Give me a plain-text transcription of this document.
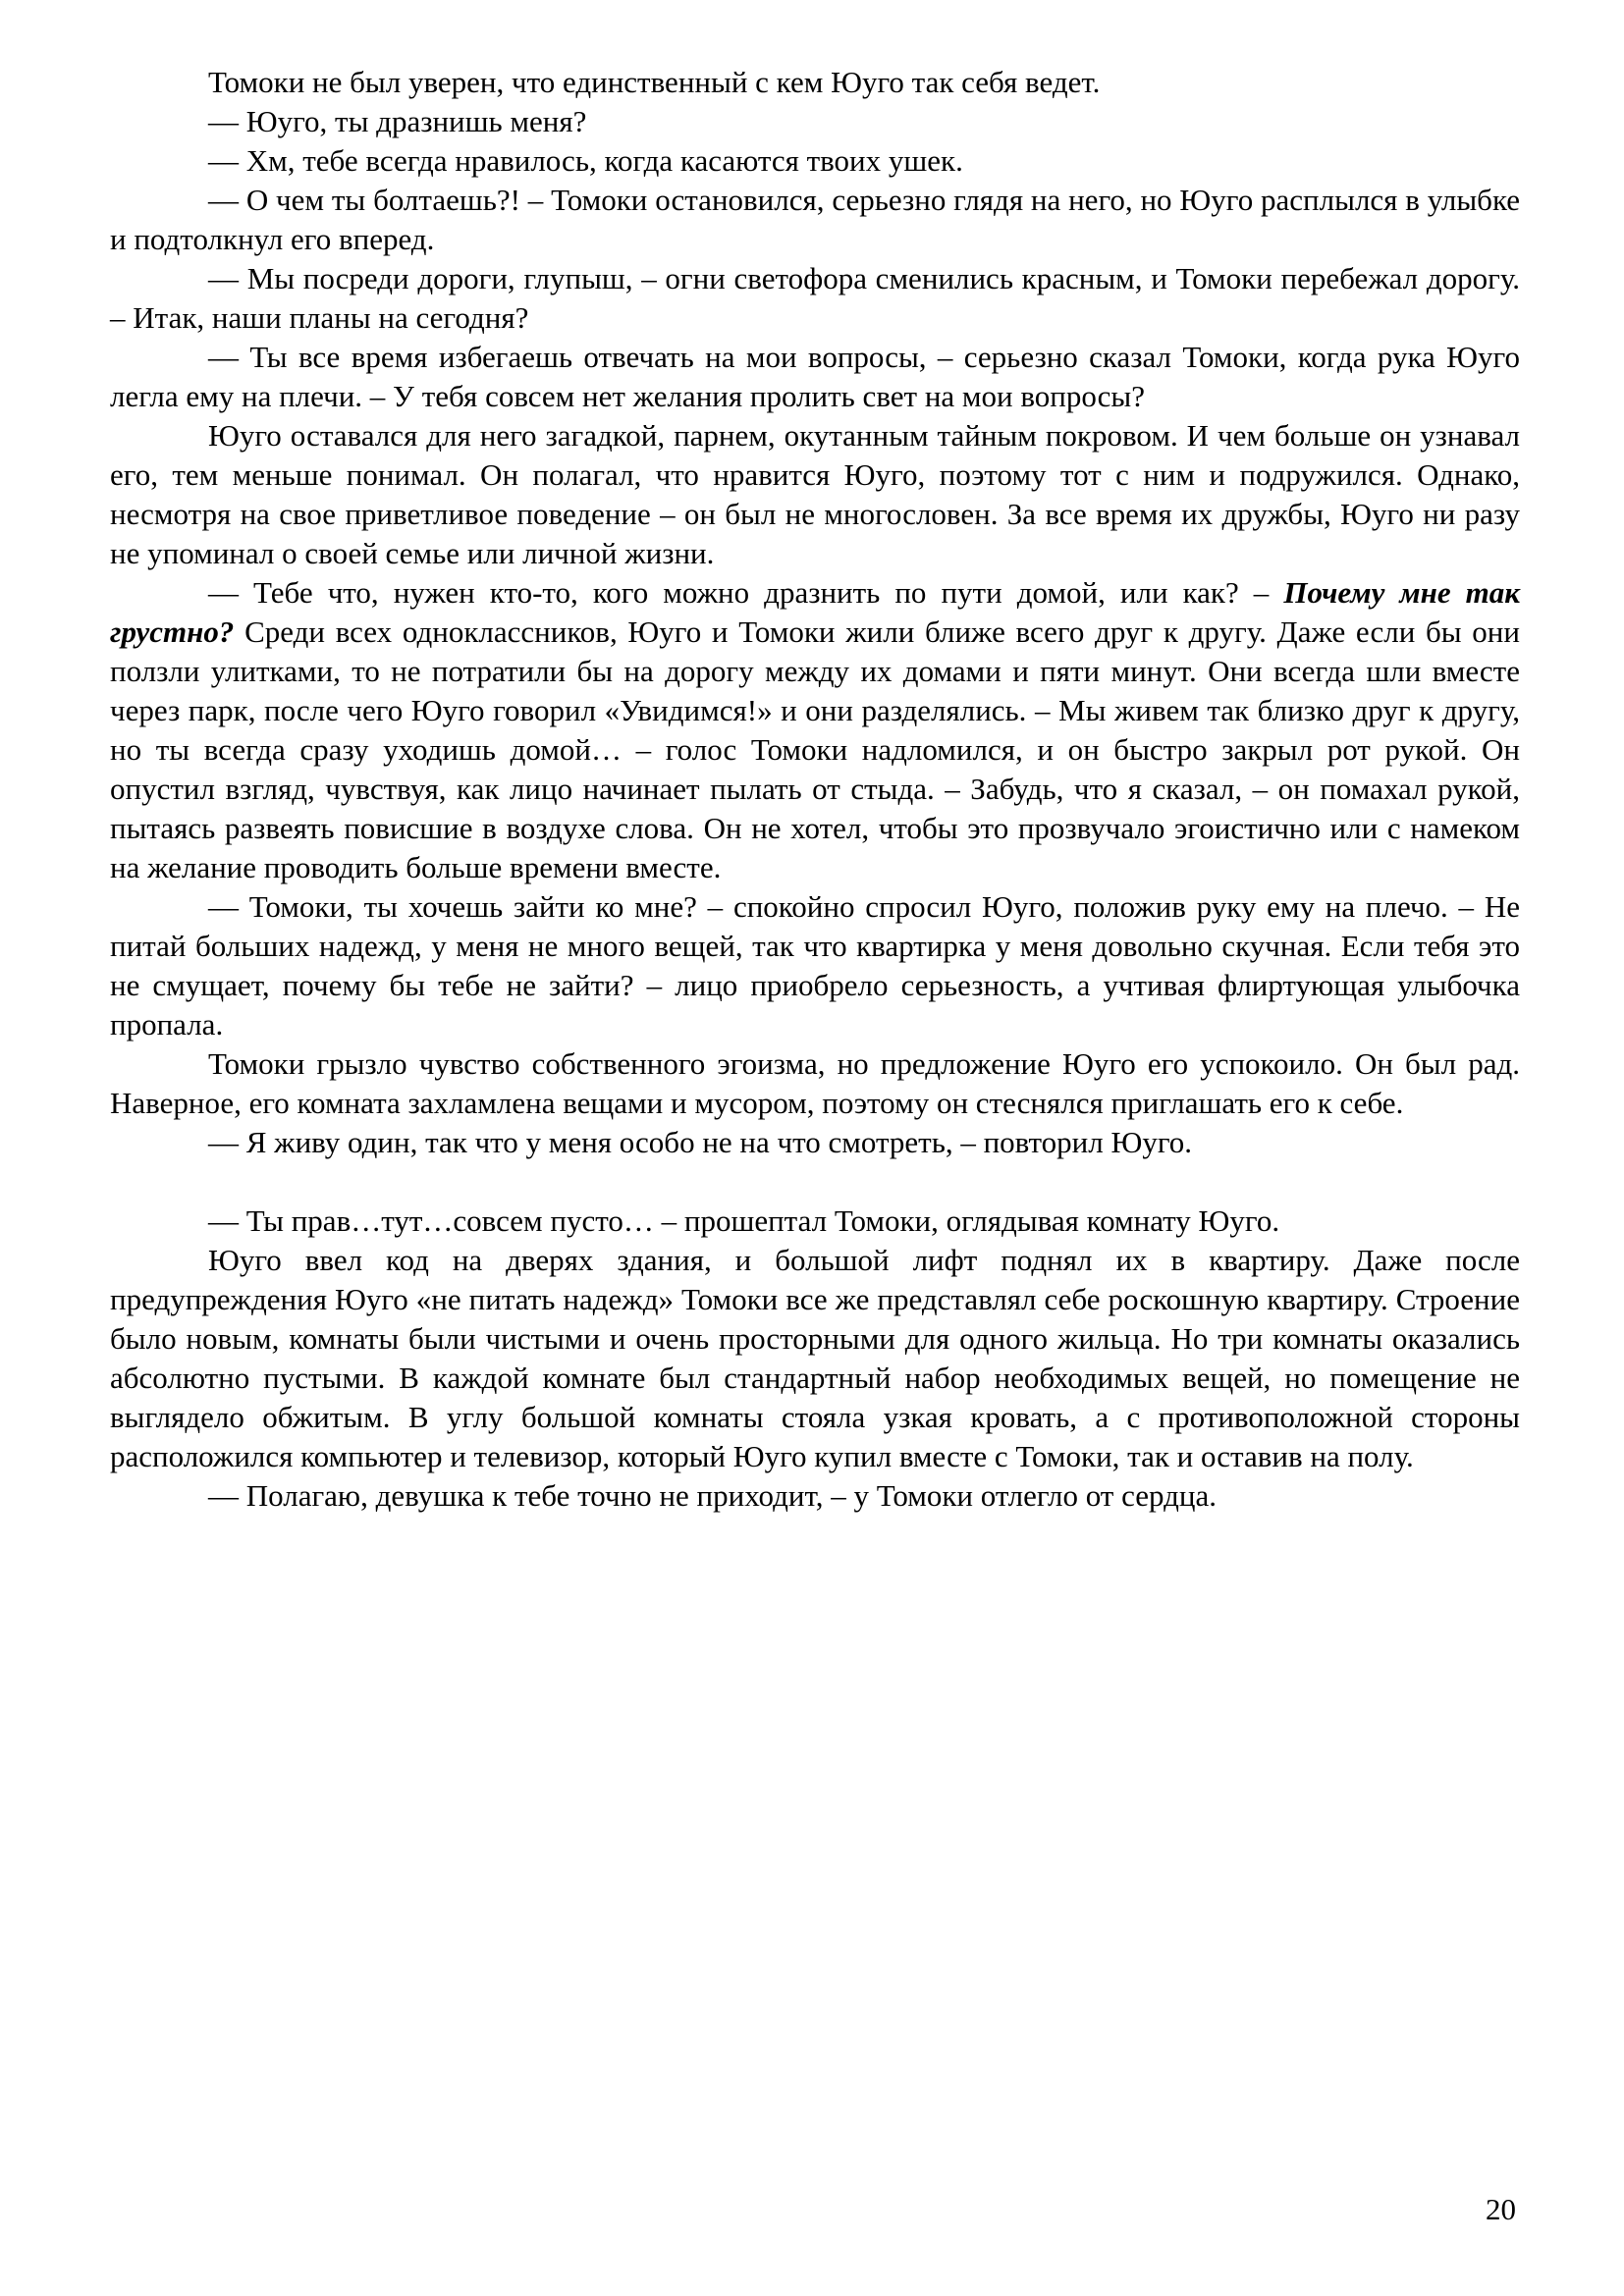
Томоки не был уверен, что единственный с кем Юуго так себя ведет.

— Юуго, ты дразнишь меня?

— Хм, тебе всегда нравилось, когда касаются твоих ушек.

— О чем ты болтаешь?! – Томоки остановился, серьезно глядя на него, но Юуго расплылся в улыбке и подтолкнул его вперед.

— Мы посреди дороги, глупыш, – огни светофора сменились красным, и Томоки перебежал дорогу. – Итак, наши планы на сегодня?

— Ты все время избегаешь отвечать на мои вопросы, – серьезно сказал Томоки, когда рука Юуго легла ему на плечи. – У тебя совсем нет желания пролить свет на мои вопросы?

Юуго оставался для него загадкой, парнем, окутанным тайным покровом. И чем больше он узнавал его, тем меньше понимал. Он полагал, что нравится Юуго, поэтому тот с ним и подружился. Однако, несмотря на свое приветливое поведение – он был не многословен. За все время их дружбы, Юуго ни разу не упоминал о своей семье или личной жизни.

— Тебе что, нужен кто-то, кого можно дразнить по пути домой, или как? – Почему мне так грустно? Среди всех одноклассников, Юуго и Томоки жили ближе всего друг к другу. Даже если бы они ползли улитками, то не потратили бы на дорогу между их домами и пяти минут. Они всегда шли вместе через парк, после чего Юуго говорил «Увидимся!» и они разделялись. – Мы живем так близко друг к другу, но ты всегда сразу уходишь домой… – голос Томоки надломился, и он быстро закрыл рот рукой. Он опустил взгляд, чувствуя, как лицо начинает пылать от стыда. – Забудь, что я сказал, – он помахал рукой, пытаясь развеять повисшие в воздухе слова. Он не хотел, чтобы это прозвучало эгоистично или с намеком на желание проводить больше времени вместе.

— Томоки, ты хочешь зайти ко мне? – спокойно спросил Юуго, положив руку ему на плечо. – Не питай больших надежд, у меня не много вещей, так что квартирка у меня довольно скучная. Если тебя это не смущает, почему бы тебе не зайти? – лицо приобрело серьезность, а учтивая флиртующая улыбочка пропала.

Томоки грызло чувство собственного эгоизма, но предложение Юуго его успокоило. Он был рад. Наверное, его комната захламлена вещами и мусором, поэтому он стеснялся приглашать его к себе.

— Я живу один, так что у меня особо не на что смотреть, – повторил Юуго.

— Ты прав…тут…совсем пусто… – прошептал Томоки, оглядывая комнату Юуго.

Юуго ввел код на дверях здания, и большой лифт поднял их в квартиру. Даже после предупреждения Юуго «не питать надежд» Томоки все же представлял себе роскошную квартиру. Строение было новым, комнаты были чистыми и очень просторными для одного жильца. Но три комнаты оказались абсолютно пустыми. В каждой комнате был стандартный набор необходимых вещей, но помещение не выглядело обжитым. В углу большой комнаты стояла узкая кровать, а с противоположной стороны расположился компьютер и телевизор, который Юуго купил вместе с Томоки, так и оставив на полу.

— Полагаю, девушка к тебе точно не приходит, – у Томоки отлегло от сердца.

20
